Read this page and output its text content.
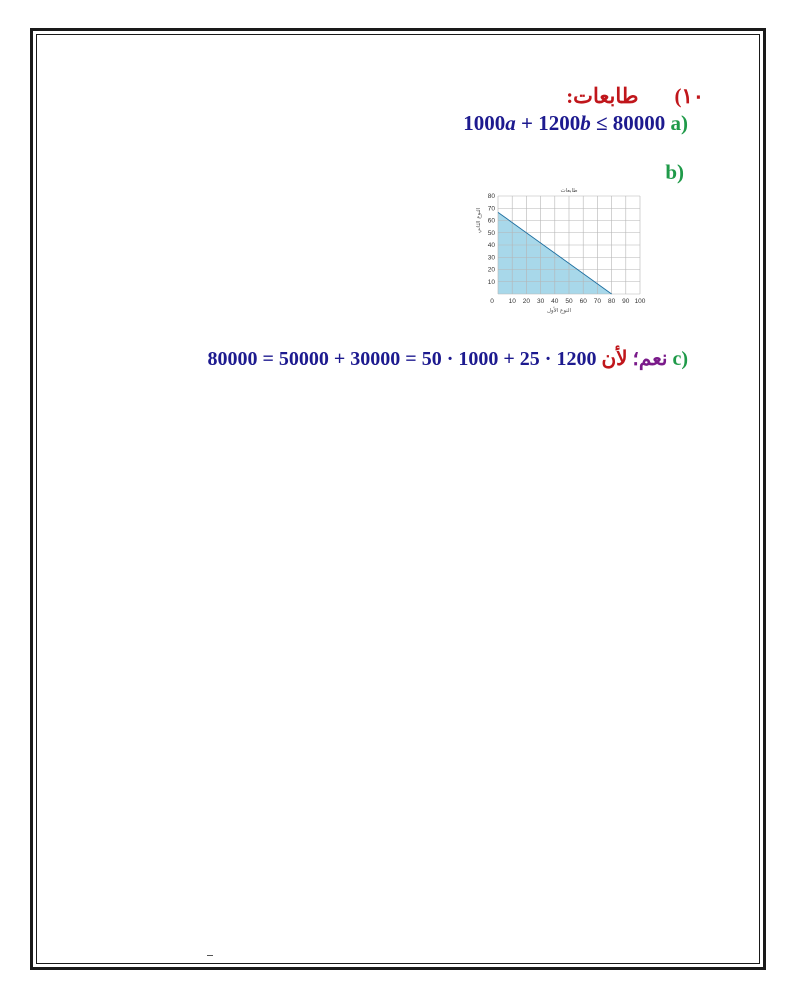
١٠)طابعات:
(a 1000a + 1200b ≤ 80000
(b
0 10 20 30 40 50 60 70 80 90 100
10
20
30
40
50
60
70
80
طابعات
النوع الأول
النوع الثاني
(c نعم؛ لأن 80000 = 50000 + 30000 = 50 · 1000 + 25 · 1200
